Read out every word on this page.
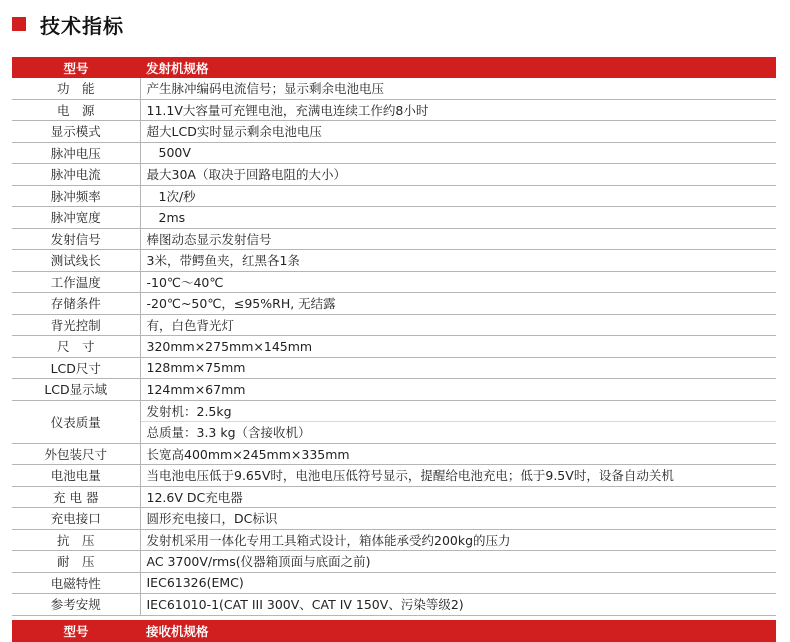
技术指标
型号	发射机规格
功　能	产生脉冲编码电流信号；显示剩余电池电压
电　源	11.1V大容量可充锂电池，充满电连续工作约8小时
显示模式	超大LCD实时显示剩余电池电压
脉冲电压	500V
脉冲电流	最大30A（取决于回路电阻的大小）
脉冲频率	1次/秒
脉冲宽度	2ms
发射信号	棒图动态显示发射信号
测试线长	3米，带鳄鱼夹，红黑各1条
工作温度	-10℃～40℃
存储条件	-20℃~50℃，≤95%RH, 无结露
背光控制	有，白色背光灯
尺　寸	320mm×275mm×145mm
LCD尺寸	128mm×75mm
LCD显示域	124mm×67mm
仪表质量	发射机：2.5kg
	总质量：3.3 kg（含接收机）
外包装尺寸	长宽高400mm×245mm×335mm
电池电量	当电池电压低于9.65V时，电池电压低符号显示，提醒给电池充电；低于9.5V时，设备自动关机
充 电 器	12.6V DC充电器
充电接口	圆形充电接口，DC标识
抗　压	发射机采用一体化专用工具箱式设计，箱体能承受约200kg的压力
耐　压	AC 3700V/rms(仪器箱顶面与底面之前)
电磁特性	IEC61326(EMC)
参考安规	IEC61010-1(CAT III 300V、CAT IV 150V、污染等级2)
型号	接收机规格
